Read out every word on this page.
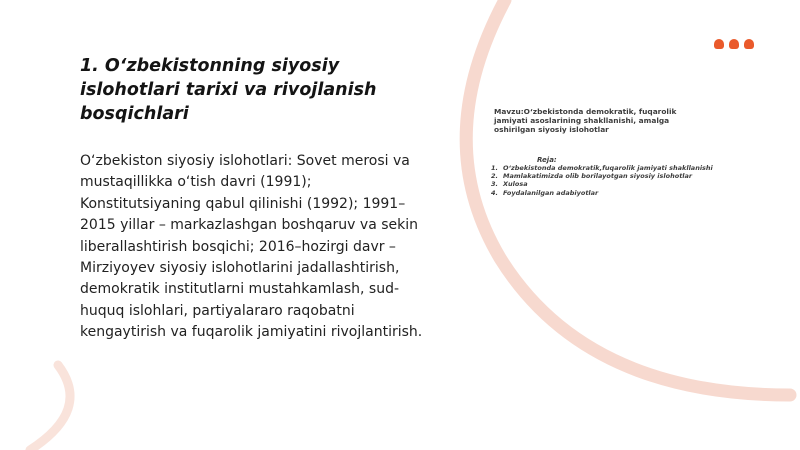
1. O‘zbekistonning siyosiy islohotlari tarixi va rivojlanish bosqichlari

O‘zbekiston siyosiy islohotlari: Sovet merosi va mustaqillikka o‘tish davri (1991); Konstitutsiyaning qabul qilinishi (1992); 1991–2015 yillar – markazlashgan boshqaruv va sekin liberallashtirish bosqichi; 2016–hozirgi davr – Mirziyoyev siyosiy islohotlarini jadallashtirish, demokratik institutlarni mustahkamlash, sud-huquq islohlari, partiyalararo raqobatni kengaytirish va fuqarolik jamiyatini rivojlantirish.

Mavzu:O‘zbekistonda demokratik, fuqarolik jamiyati asoslarining shakllanishi, amalga oshirilgan siyosiy islohotlar
Reja:
1. O‘zbekistonda demokratik,fuqarolik jamiyati shakllanishi
2. Mamlakatimizda olib borilayotgan siyosiy islohotlar
3. Xulosa
4. Foydalanilgan adabiyotlar
